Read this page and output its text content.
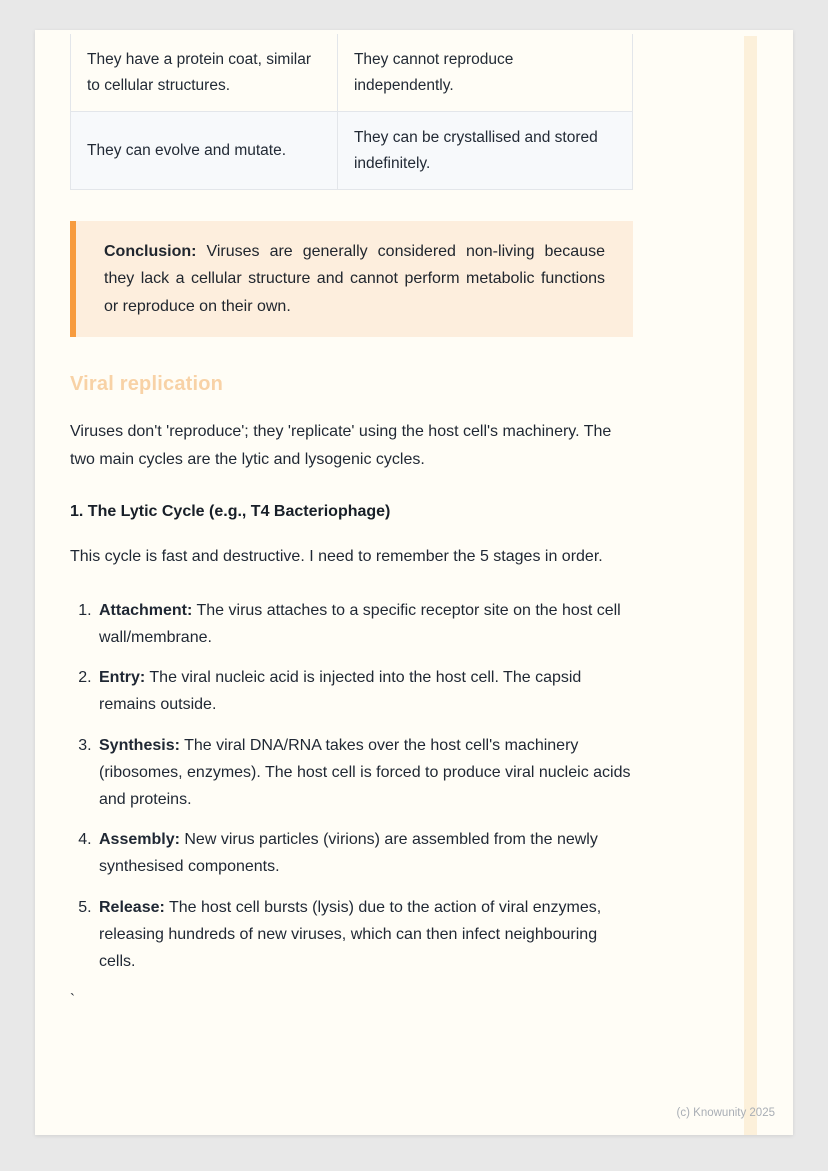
They have a protein coat, similar to cellular structures.	They cannot reproduce independently.
They can evolve and mutate.	They can be crystallised and stored indefinitely.
Conclusion: Viruses are generally considered non-living because they lack a cellular structure and cannot perform metabolic functions or reproduce on their own.
Viral replication

Viruses don't 'reproduce'; they 'replicate' using the host cell's machinery. The two main cycles are the lytic and lysogenic cycles.

1. The Lytic Cycle (e.g., T4 Bacteriophage)

This cycle is fast and destructive. I need to remember the 5 stages in order.

1. Attachment: The virus attaches to a specific receptor site on the host cell wall/membrane.
2. Entry: The viral nucleic acid is injected into the host cell. The capsid remains outside.
3. Synthesis: The viral DNA/RNA takes over the host cell's machinery (ribosomes, enzymes). The host cell is forced to produce viral nucleic acids and proteins.
4. Assembly: New virus particles (virions) are assembled from the newly synthesised components.
5. Release: The host cell bursts (lysis) due to the action of viral enzymes, releasing hundreds of new viruses, which can then infect neighbouring cells.
`
(c) Knowunity 2025
